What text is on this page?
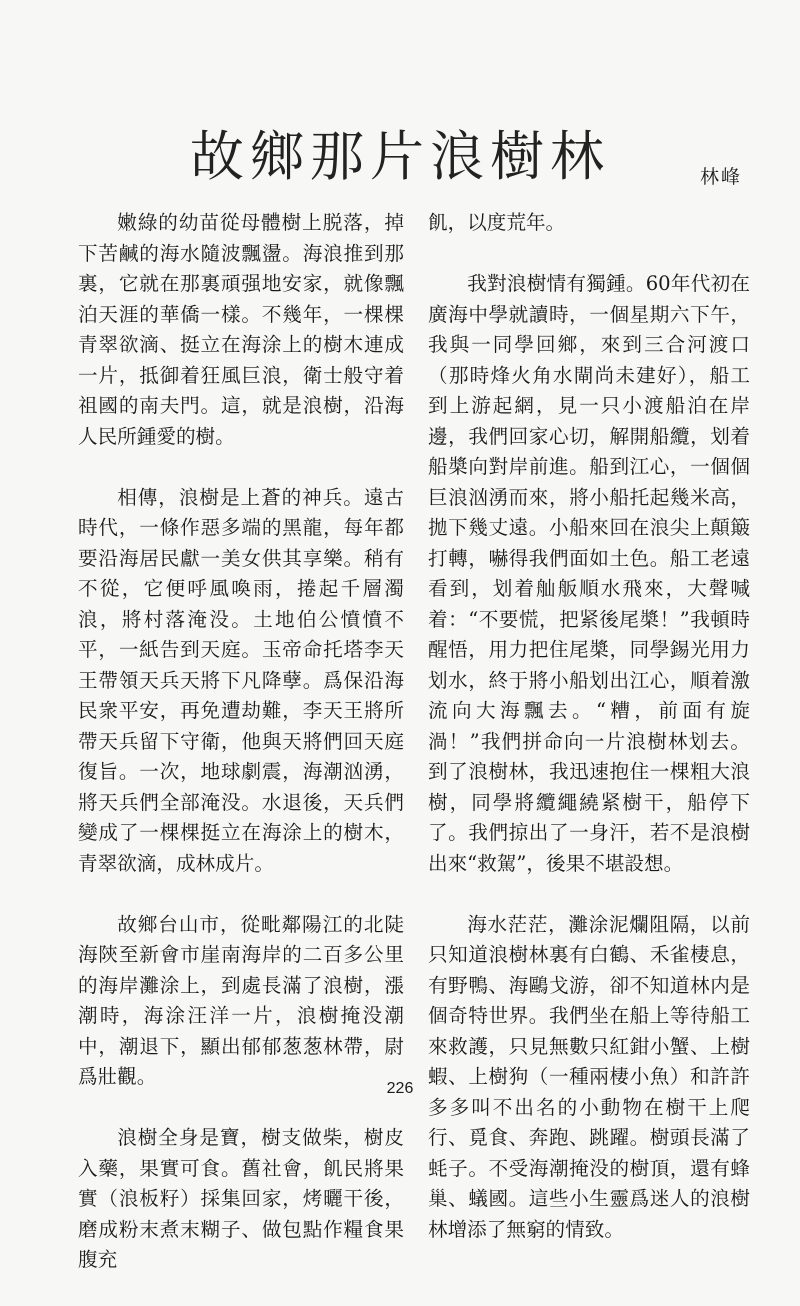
故鄉那片浪樹林	林峰

嫩綠的幼苗從母體樹上脱落，掉下苦鹹的海水隨波飄盪。海浪推到那裏，它就在那裏頑强地安家，就像飄泊天涯的華僑一樣。不幾年，一棵棵青翠欲滴、挺立在海涂上的樹木連成一片，抵御着狂風巨浪，衛士般守着祖國的南夫門。這，就是浪樹，沿海人民所鍾愛的樹。

相傳，浪樹是上蒼的神兵。遠古時代，一條作惡多端的黑龍，每年都要沿海居民獻一美女供其享樂。稍有不從，它便呼風喚雨，捲起千層濁浪，將村落淹没。土地伯公憤憤不平，一紙告到天庭。玉帝命托塔李天王帶領天兵天將下凡降孽。爲保沿海民衆平安，再免遭劫難，李天王將所帶天兵留下守衛，他與天將們回天庭復旨。一次，地球劇震，海潮汹湧，將天兵們全部淹没。水退後，天兵們變成了一棵棵挺立在海涂上的樹木，青翠欲滴，成林成片。

故鄉台山市，從毗鄰陽江的北陡海陝至新會市崖南海岸的二百多公里的海岸灘涂上，到處長滿了浪樹，漲潮時，海涂汪洋一片，浪樹掩没潮中，潮退下，顯出郁郁葱葱林帶，尉爲壯觀。

浪樹全身是寶，樹支做柴，樹皮入藥，果實可食。舊社會，飢民將果實（浪板籽）採集回家，烤曬干後，磨成粉末煮末糊子、做包點作糧食果腹充

飢，以度荒年。

我對浪樹情有獨鍾。60年代初在廣海中學就讀時，一個星期六下午，我與一同學回鄉，來到三合河渡口（那時烽火角水閘尚未建好），船工到上游起網，見一只小渡船泊在岸邊，我們回家心切，解開船纜，划着船槳向對岸前進。船到江心，一個個巨浪汹湧而來，將小船托起幾米高，拋下幾丈遠。小船來回在浪尖上顛簸打轉，嚇得我們面如土色。船工老遠看到，划着舢舨順水飛來，大聲喊着：“不要慌，把紧後尾槳！”我頓時醒悟，用力把住尾槳，同學錫光用力划水，終于將小船划出江心，順着激流向大海飄去。“糟，前面有旋渦！”我們拼命向一片浪樹林划去。到了浪樹林，我迅速抱住一棵粗大浪樹，同學將纜繩繞紧樹干，船停下了。我們掠出了一身汗，若不是浪樹出來“救駕”，後果不堪設想。

海水茫茫，灘涂泥爛阻隔，以前只知道浪樹林裏有白鶴、禾雀棲息，有野鴨、海鷗戈游，卻不知道林内是個奇特世界。我們坐在船上等待船工來救護，只見無數只紅鉗小蟹、上樹蝦、上樹狗（一種兩棲小魚）和許許多多叫不出名的小動物在樹干上爬行、覓食、奔跑、跳躍。樹頭長滿了蚝子。不受海潮掩没的樹頂，還有蜂巢、蟻國。這些小生靈爲迷人的浪樹林增添了無窮的情致。

226
